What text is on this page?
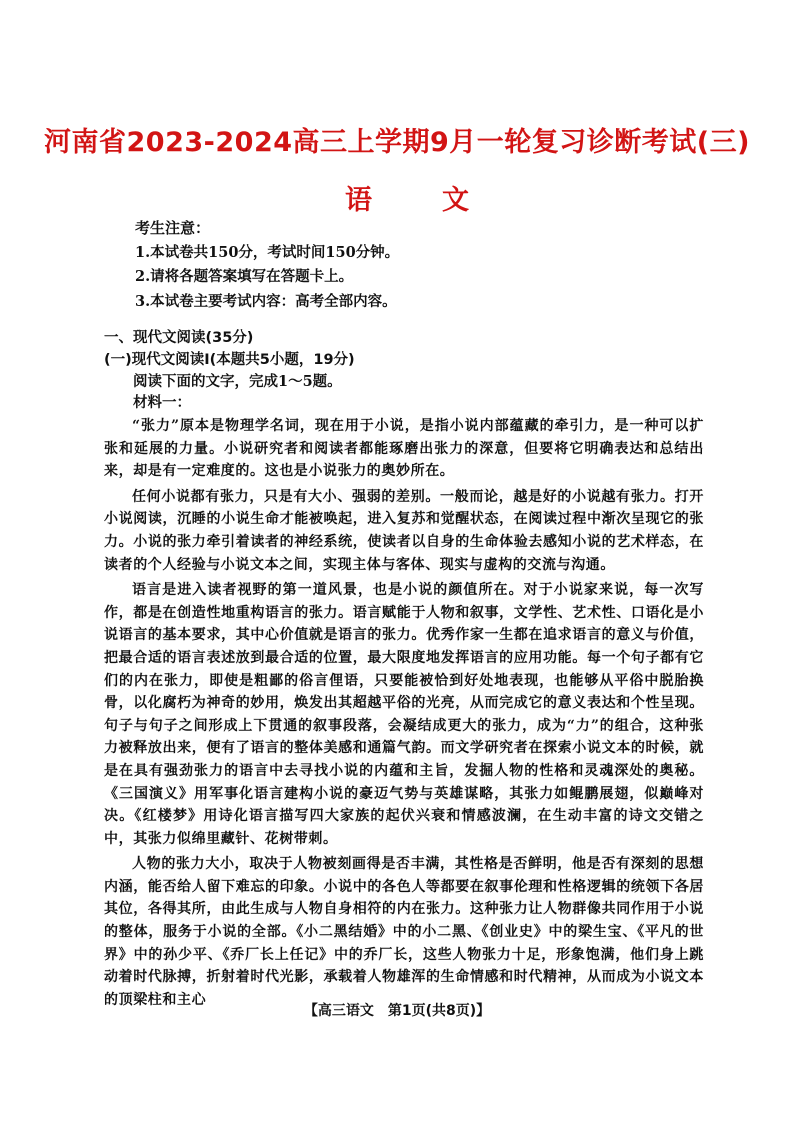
河南省2023-2024高三上学期9月一轮复习诊断考试(三)
语	文
考生注意：
1.本试卷共150分，考试时间150分钟。
2.请将各题答案填写在答题卡上。
3.本试卷主要考试内容：高考全部内容。
一、现代文阅读(35分)
(一)现代文阅读Ⅰ(本题共5小题，19分)
阅读下面的文字，完成1～5题。
材料一：

“张力”原本是物理学名词，现在用于小说，是指小说内部蕴藏的牵引力，是一种可以扩张和延展的力量。小说研究者和阅读者都能琢磨出张力的深意，但要将它明确表达和总结出来，却是有一定难度的。这也是小说张力的奥妙所在。

任何小说都有张力，只是有大小、强弱的差别。一般而论，越是好的小说越有张力。打开小说阅读，沉睡的小说生命才能被唤起，进入复苏和觉醒状态，在阅读过程中渐次呈现它的张力。小说的张力牵引着读者的神经系统，使读者以自身的生命体验去感知小说的艺术样态，在读者的个人经验与小说文本之间，实现主体与客体、现实与虚构的交流与沟通。

语言是进入读者视野的第一道风景，也是小说的颜值所在。对于小说家来说，每一次写作，都是在创造性地重构语言的张力。语言赋能于人物和叙事，文学性、艺术性、口语化是小说语言的基本要求，其中心价值就是语言的张力。优秀作家一生都在追求语言的意义与价值，把最合适的语言表述放到最合适的位置，最大限度地发挥语言的应用功能。每一个句子都有它们的内在张力，即使是粗鄙的俗言俚语，只要能被恰到好处地表现，也能够从平俗中脱胎换骨，以化腐朽为神奇的妙用，焕发出其超越平俗的光亮，从而完成它的意义表达和个性呈现。句子与句子之间形成上下贯通的叙事段落，会凝结成更大的张力，成为“力”的组合，这种张力被释放出来，便有了语言的整体美感和通篇气韵。而文学研究者在探索小说文本的时候，就是在具有强劲张力的语言中去寻找小说的内蕴和主旨，发掘人物的性格和灵魂深处的奥秘。《三国演义》用军事化语言建构小说的豪迈气势与英雄谋略，其张力如鲲鹏展翅，似巅峰对决。《红楼梦》用诗化语言描写四大家族的起伏兴衰和情感波澜，在生动丰富的诗文交错之中，其张力似绵里藏针、花树带刺。

人物的张力大小，取决于人物被刻画得是否丰满，其性格是否鲜明，他是否有深刻的思想内涵，能否给人留下难忘的印象。小说中的各色人等都要在叙事伦理和性格逻辑的统领下各居其位，各得其所，由此生成与人物自身相符的内在张力。这种张力让人物群像共同作用于小说的整体，服务于小说的全部。《小二黑结婚》中的小二黑、《创业史》中的梁生宝、《平凡的世界》中的孙少平、《乔厂长上任记》中的乔厂长，这些人物张力十足，形象饱满，他们身上跳动着时代脉搏，折射着时代光影，承载着人物雄浑的生命情感和时代精神，从而成为小说文本的顶梁柱和主心

【高三语文　第1页(共8页)】
